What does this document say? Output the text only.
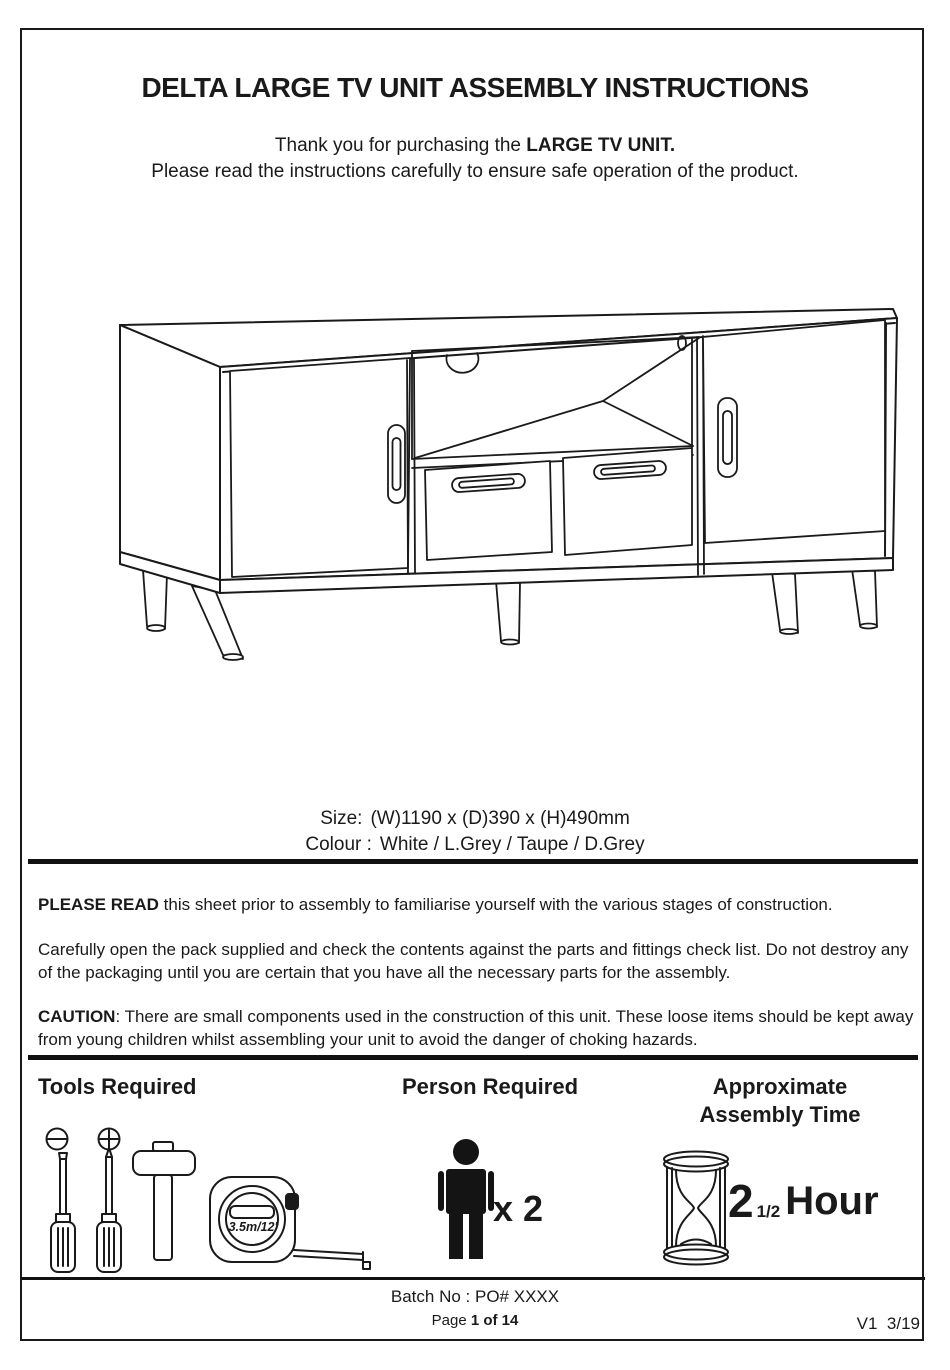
DELTA LARGE TV UNIT ASSEMBLY INSTRUCTIONS
Thank you for purchasing the LARGE TV UNIT.
Please read the instructions carefully to ensure safe operation of the product.
Size: (W)1190 x (D)390 x (H)490mm
Colour : White / L.Grey / Taupe / D.Grey

PLEASE READ this sheet prior to assembly to familiarise yourself with the various stages of construction.

Carefully open the pack supplied and check the contents against the parts and fittings check list. Do not destroy any of the packaging until you are certain that you have all the necessary parts for the assembly.

CAUTION: There are small components used in the construction of this unit. These loose items should be kept away from young children whilst assembling your unit to avoid the danger of choking hazards.

Tools Required	Person Required	Approximate
Assembly Time
3.5m/12'	x 2	2 1/2 Hour
Batch No : PO# XXXX
Page 1 of 14	V1  3/19
